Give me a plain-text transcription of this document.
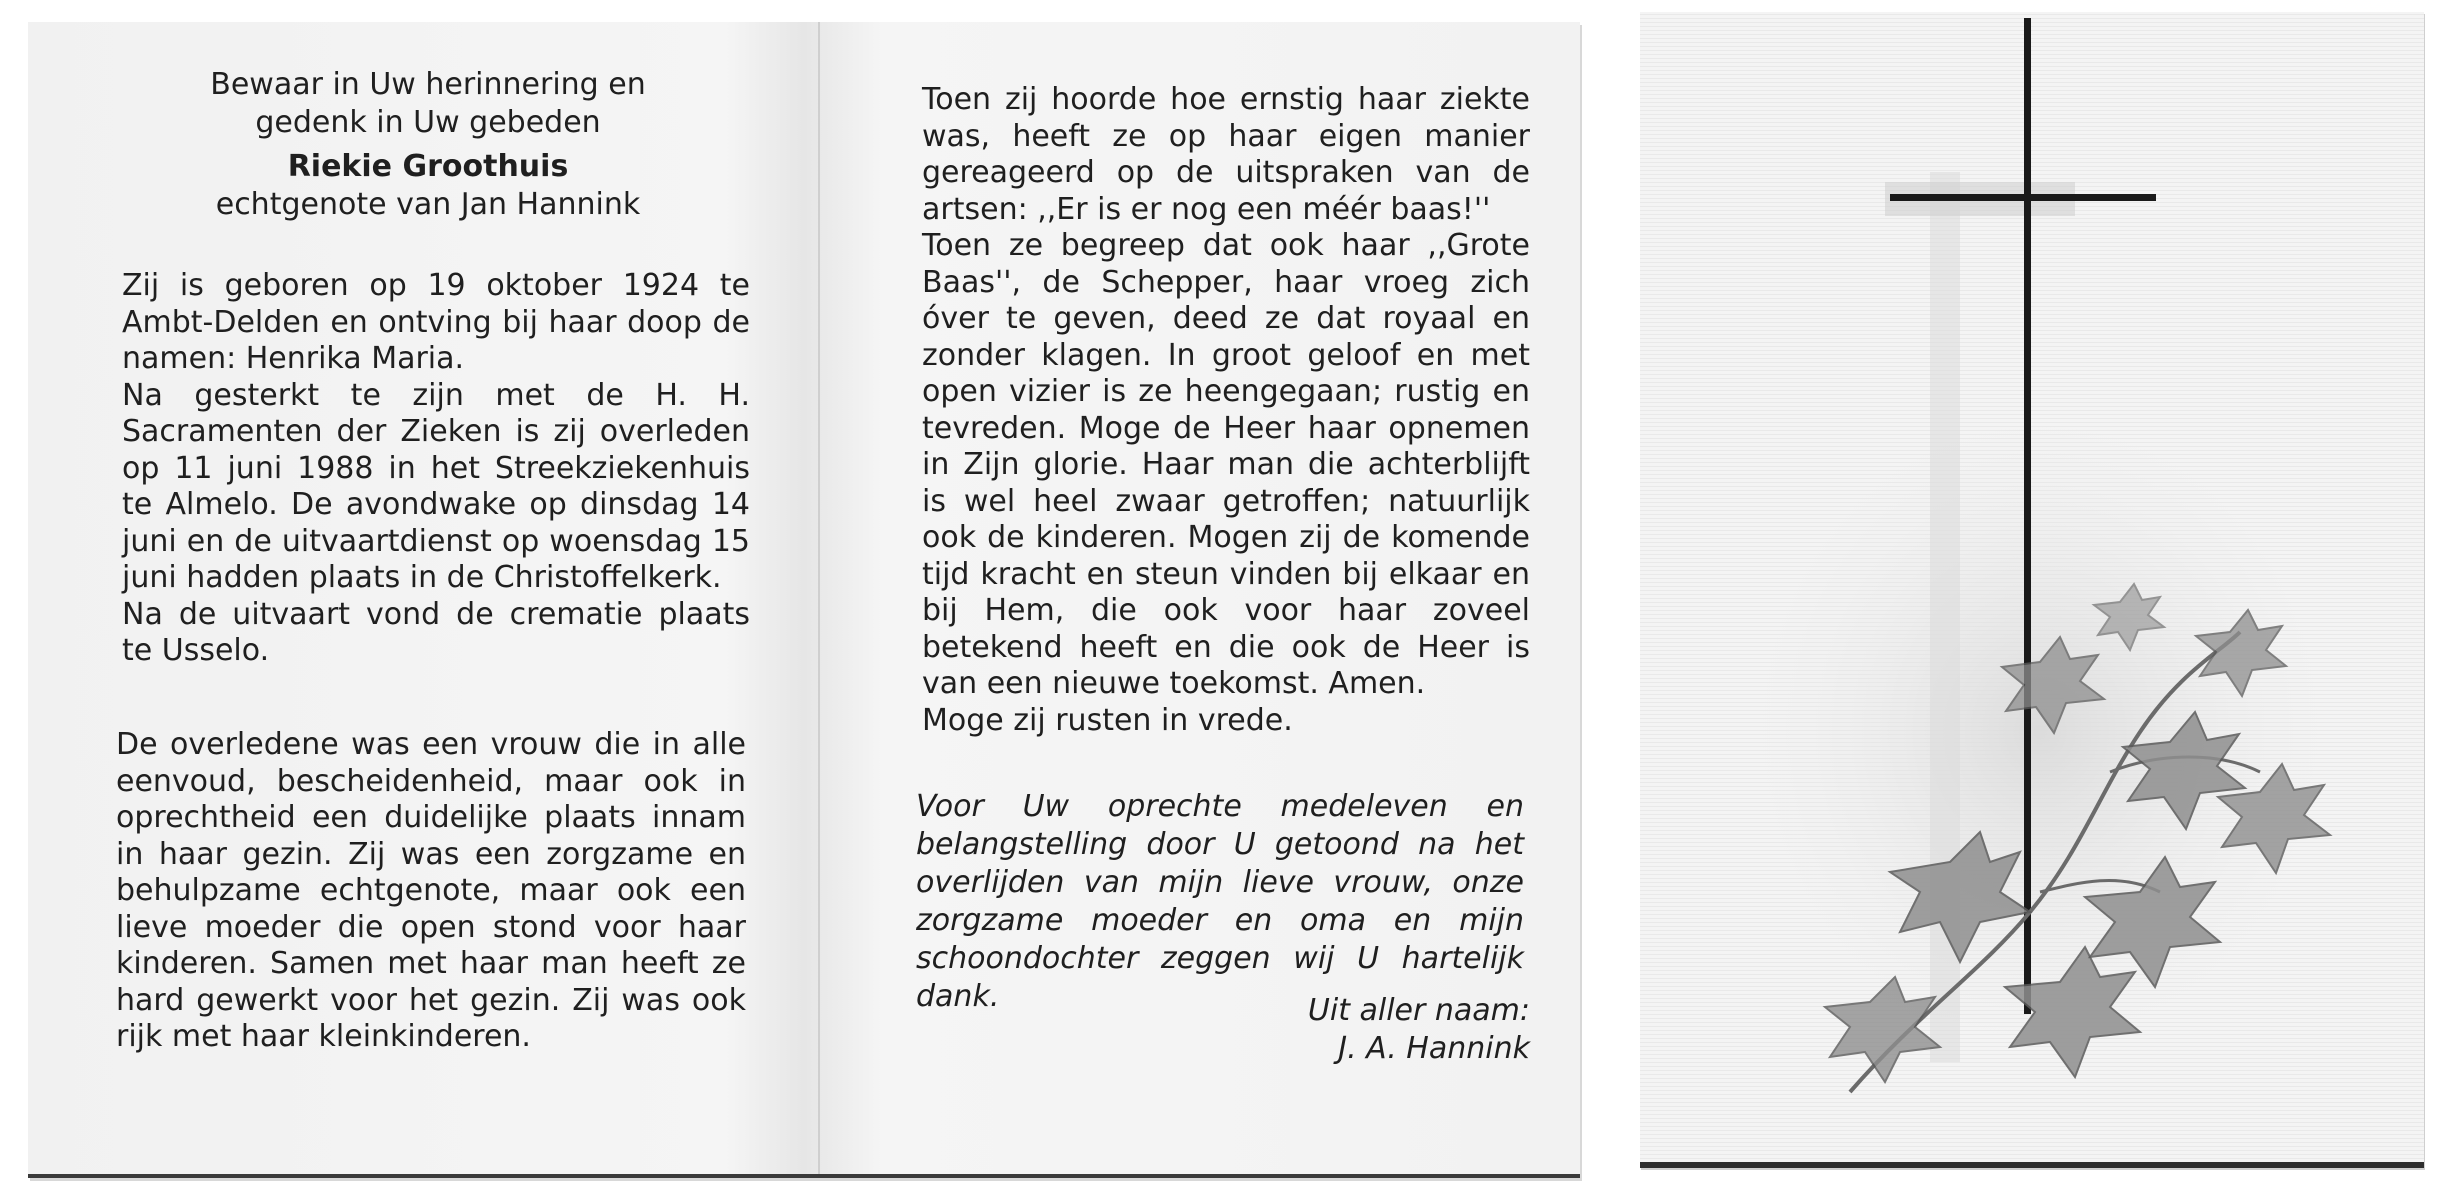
Bewaar in Uw herinnering en
gedenk in Uw gebeden
Riekie Groothuis
echtgenote van Jan Hannink

Zij is geboren op 19 oktober 1924 te Ambt-Delden en ontving bij haar doop de namen: Henrika Maria.

Na gesterkt te zijn met de H. H. Sacramenten der Zieken is zij overleden op 11 juni 1988 in het Streekziekenhuis te Almelo. De avondwake op dinsdag 14 juni en de uitvaartdienst op woensdag 15 juni hadden plaats in de Christoffelkerk.

Na de uitvaart vond de crematie plaats te Usselo.

De overledene was een vrouw die in alle eenvoud, bescheidenheid, maar ook in oprechtheid een duidelijke plaats innam in haar gezin. Zij was een zorgzame en behulpzame echtgenote, maar ook een lieve moeder die open stond voor haar kinderen. Samen met haar man heeft ze hard gewerkt voor het gezin. Zij was ook rijk met haar kleinkinderen.

Toen zij hoorde hoe ernstig haar ziekte was, heeft ze op haar eigen manier gereageerd op de uitspraken van de artsen: ,,Er is er nog een méér baas!''

Toen ze begreep dat ook haar ,,Grote Baas'', de Schepper, haar vroeg zich óver te geven, deed ze dat royaal en zonder klagen. In groot geloof en met open vizier is ze heengegaan; rustig en tevreden. Moge de Heer haar opnemen in Zijn glorie. Haar man die achterblijft is wel heel zwaar getroffen; natuurlijk ook de kinderen. Mogen zij de komende tijd kracht en steun vinden bij elkaar en bij Hem, die ook voor haar zoveel betekend heeft en die ook de Heer is van een nieuwe toekomst. Amen.

Moge zij rusten in vrede.

Voor Uw oprechte medeleven en belangstelling door U getoond na het overlijden van mijn lieve vrouw, onze zorgzame moeder en oma en mijn schoondochter zeggen wij U hartelijk dank.	Uit aller naam:
J. A. Hannink
